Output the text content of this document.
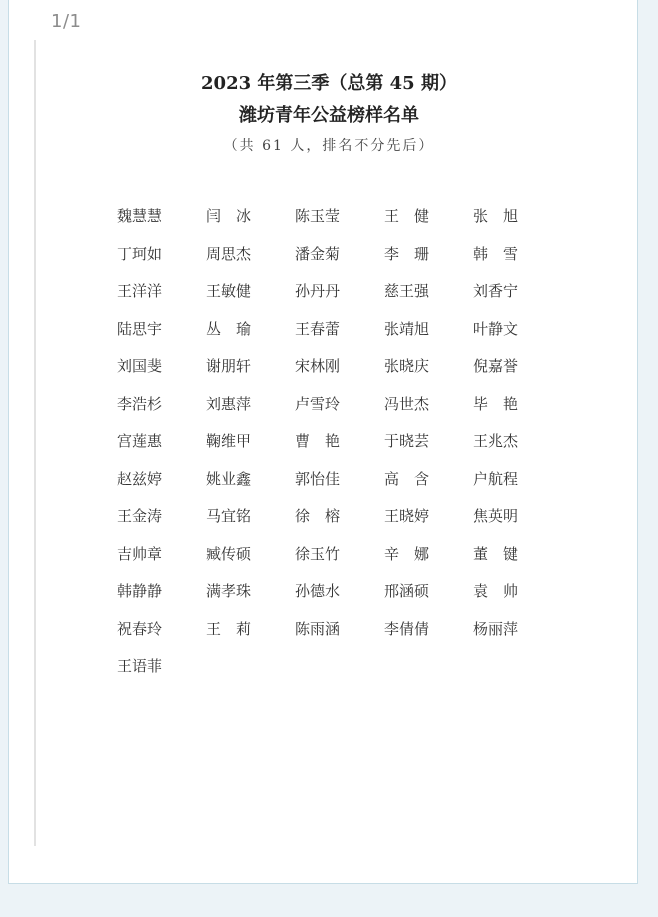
1/1
2023 年第三季（总第 45 期）
潍坊青年公益榜样名单
（共 61 人，排名不分先后）
魏慧慧	闫　冰	陈玉莹	王　健	张　旭
丁珂如	周思杰	潘金菊	李　珊	韩　雪
王洋洋	王敏健	孙丹丹	慈王强	刘香宁
陆思宇	丛　瑜	王春蕾	张靖旭	叶静文
刘国斐	谢朋轩	宋林刚	张晓庆	倪嘉誉
李浩杉	刘惠萍	卢雪玲	冯世杰	毕　艳
宫莲惠	鞠维甲	曹　艳	于晓芸	王兆杰
赵兹婷	姚业鑫	郭怡佳	高　含	户航程
王金涛	马宜铭	徐　榕	王晓婷	焦英明
吉帅章	臧传硕	徐玉竹	辛　娜	董　键
韩静静	满孝珠	孙德水	邢涵硕	袁　帅
祝春玲	王　莉	陈雨涵	李倩倩	杨丽萍
王语菲
